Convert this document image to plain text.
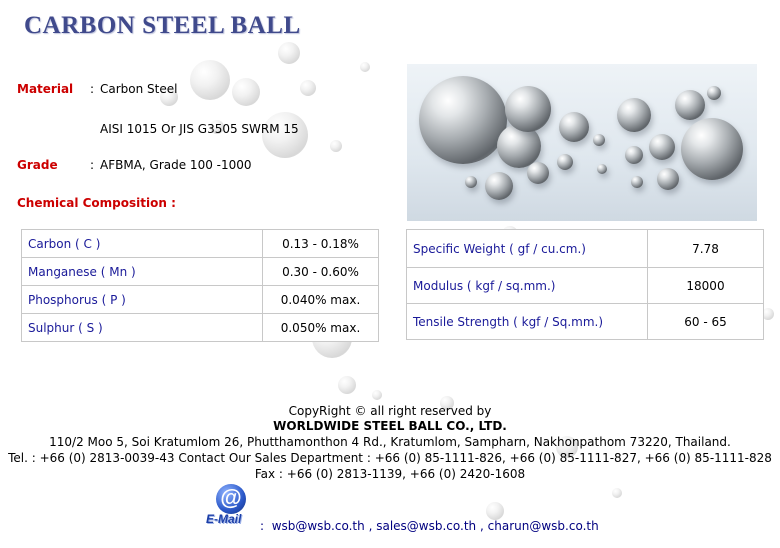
CARBON STEEL BALL
Material : Carbon Steel
AISI 1015 Or JIS G3505 SWRM 15
Grade	: AFBMA, Grade 100 -1000
Chemical Composition :
Carbon ( C )	0.13 - 0.18%
Manganese ( Mn )	0.30 - 0.60%
Phosphorus ( P )	0.040% max.
Sulphur ( S )	0.050% max.
Specific Weight ( gf / cu.cm.)	7.78
Modulus ( kgf / sq.mm.)	18000
Tensile Strength ( kgf / Sq.mm.)	60 - 65
CopyRight © all right reserved by
WORLDWIDE STEEL BALL CO., LTD.
110/2 Moo 5, Soi Kratumlom 26, Phutthamonthon 4 Rd., Kratumlom, Sampharn, Nakhonpathom 73220, Thailand.
Tel. : +66 (0) 2813-0039-43 Contact Our Sales Department : +66 (0) 85-1111-826, +66 (0) 85-1111-827, +66 (0) 85-1111-828
Fax : +66 (0) 2813-1139, +66 (0) 2420-1608
@
E-Mail : wsb@wsb.co.th , sales@wsb.co.th , charun@wsb.co.th
